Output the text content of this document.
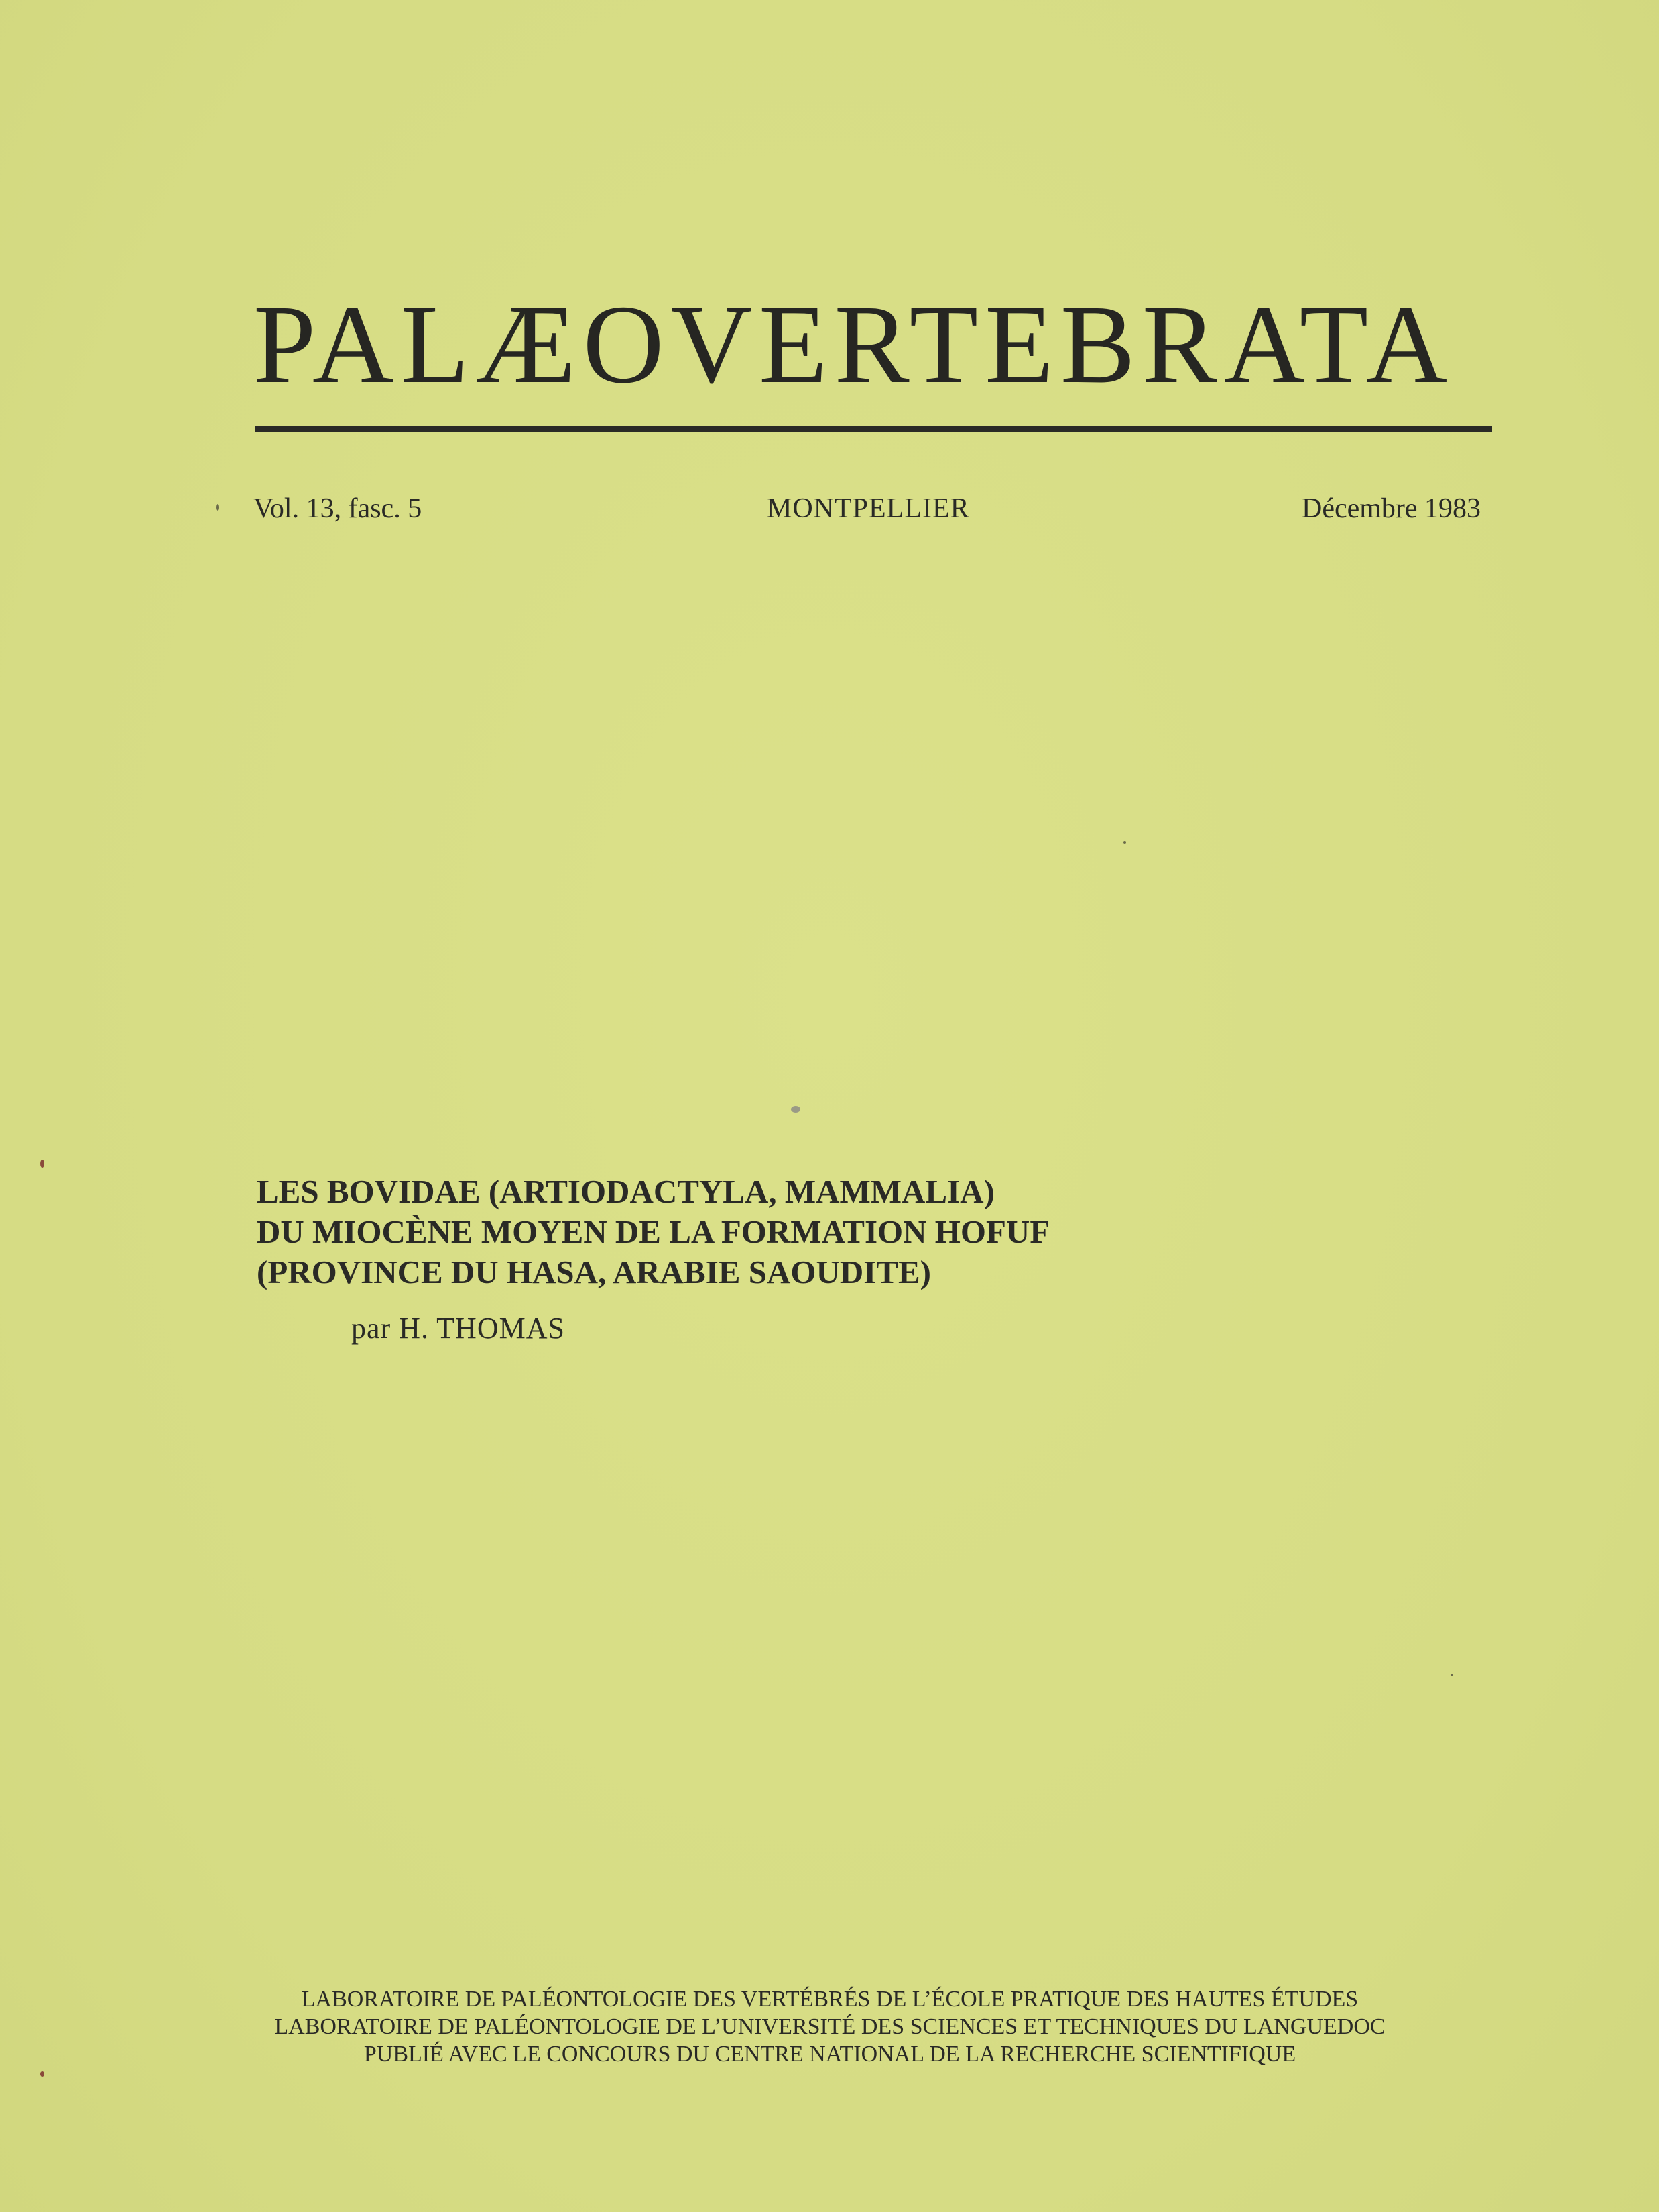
PALÆOVERTEBRATA
Vol. 13, fasc. 5	MONTPELLIER	Décembre 1983
LES BOVIDAE (ARTIODACTYLA, MAMMALIA)
DU MIOCÈNE MOYEN DE LA FORMATION HOFUF
(PROVINCE DU HASA, ARABIE SAOUDITE)
par H. THOMAS
LABORATOIRE DE PALÉONTOLOGIE DES VERTÉBRÉS DE L’ÉCOLE PRATIQUE DES HAUTES ÉTUDES
LABORATOIRE DE PALÉONTOLOGIE DE L’UNIVERSITÉ DES SCIENCES ET TECHNIQUES DU LANGUEDOC
PUBLIÉ AVEC LE CONCOURS DU CENTRE NATIONAL DE LA RECHERCHE SCIENTIFIQUE
